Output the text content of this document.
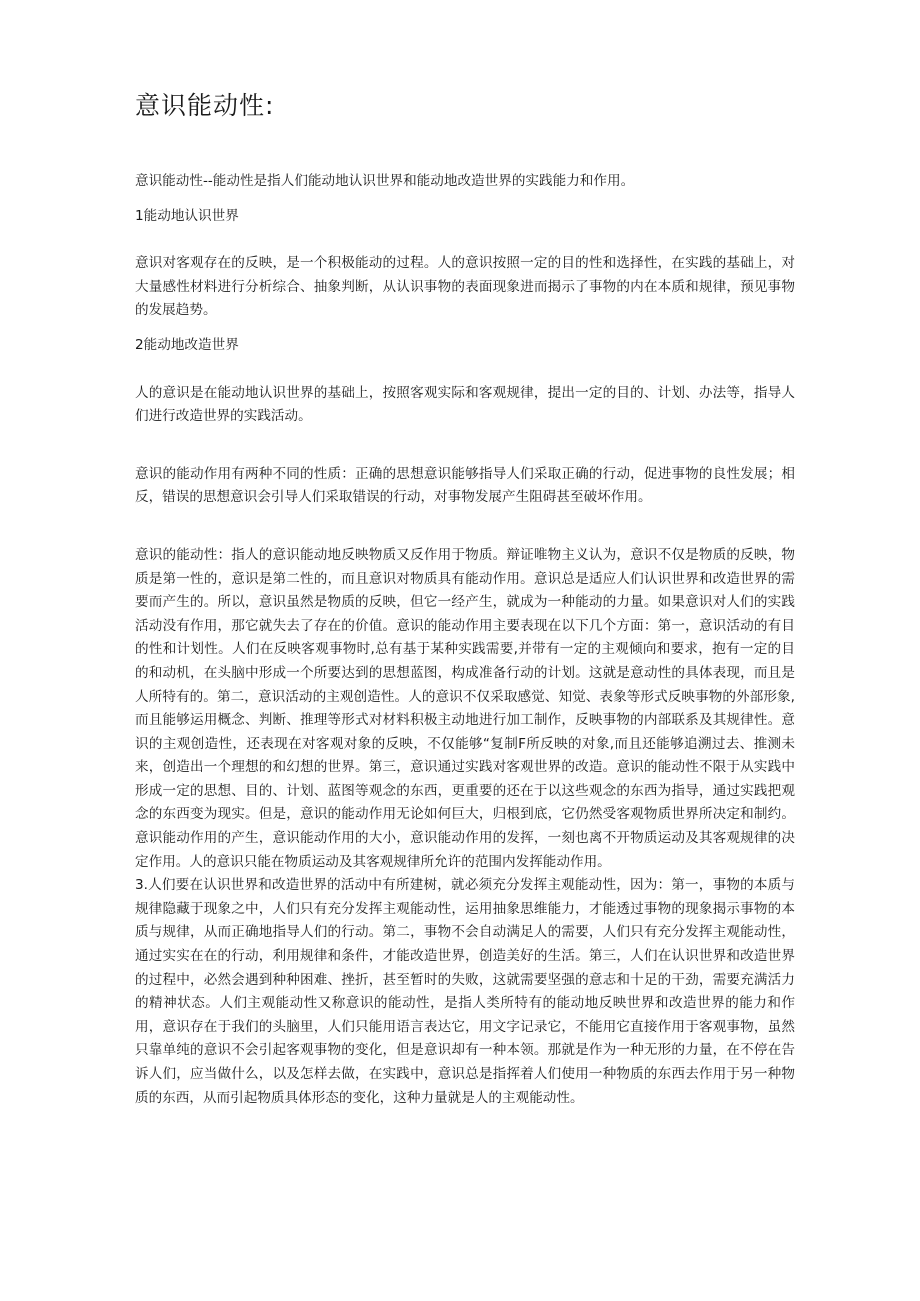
意识能动性:

意识能动性--能动性是指人们能动地认识世界和能动地改造世界的实践能力和作用。

1能动地认识世界

意识对客观存在的反映，是一个积极能动的过程。人的意识按照一定的目的性和选择性，在实践的基础上，对大量感性材料进行分析综合、抽象判断，从认识事物的表面现象进而揭示了事物的内在本质和规律，预见事物的发展趋势。

2能动地改造世界

人的意识是在能动地认识世界的基础上，按照客观实际和客观规律，提出一定的目的、计划、办法等，指导人们进行改造世界的实践活动。

意识的能动作用有两种不同的性质：正确的思想意识能够指导人们采取正确的行动，促进事物的良性发展；相反，错误的思想意识会引导人们采取错误的行动，对事物发展产生阻碍甚至破坏作用。

意识的能动性：指人的意识能动地反映物质又反作用于物质。辩证唯物主义认为，意识不仅是物质的反映，物质是第一性的，意识是第二性的，而且意识对物质具有能动作用。意识总是适应人们认识世界和改造世界的需要而产生的。所以，意识虽然是物质的反映，但它一经产生，就成为一种能动的力量。如果意识对人们的实践活动没有作用，那它就失去了存在的价值。意识的能动作用主要表现在以下几个方面：第一，意识活动的有目的性和计划性。人们在反映客观事物时,总有基于某种实践需要,并带有一定的主观倾向和要求，抱有一定的目的和动机，在头脑中形成一个所要达到的思想蓝图，构成准备行动的计划。这就是意动性的具体表现，而且是人所特有的。第二，意识活动的主观创造性。人的意识不仅采取感觉、知觉、表象等形式反映事物的外部形象,而且能够运用概念、判断、推理等形式对材料积极主动地进行加工制作，反映事物的内部联系及其规律性。意识的主观创造性，还表现在对客观对象的反映，不仅能够“复制F所反映的对象,而且还能够追溯过去、推测未来，创造出一个理想的和幻想的世界。第三，意识通过实践对客观世界的改造。意识的能动性不限于从实践中形成一定的思想、目的、计划、蓝图等观念的东西，更重要的还在于以这些观念的东西为指导，通过实践把观念的东西变为现实。但是，意识的能动作用无论如何巨大，归根到底，它仍然受客观物质世界所决定和制约。意识能动作用的产生，意识能动作用的大小，意识能动作用的发挥，一刻也离不开物质运动及其客观规律的决定作用。人的意识只能在物质运动及其客观规律所允许的范围内发挥能动作用。

3.人们要在认识世界和改造世界的活动中有所建树，就必须充分发挥主观能动性，因为：第一，事物的本质与规律隐藏于现象之中，人们只有充分发挥主观能动性，运用抽象思维能力，才能透过事物的现象揭示事物的本质与规律，从而正确地指导人们的行动。第二，事物不会自动满足人的需要，人们只有充分发挥主观能动性，通过实实在在的行动，利用规律和条件，才能改造世界，创造美好的生活。第三，人们在认识世界和改造世界的过程中，必然会遇到种种困难、挫折，甚至暂时的失败，这就需要坚强的意志和十足的干劲，需要充满活力的精神状态。人们主观能动性又称意识的能动性，是指人类所特有的能动地反映世界和改造世界的能力和作用，意识存在于我们的头脑里，人们只能用语言表达它，用文字记录它，不能用它直接作用于客观事物，虽然只靠单纯的意识不会引起客观事物的变化，但是意识却有一种本领。那就是作为一种无形的力量，在不停在告诉人们，应当做什么，以及怎样去做，在实践中，意识总是指挥着人们使用一种物质的东西去作用于另一种物质的东西，从而引起物质具体形态的变化，这种力量就是人的主观能动性。
